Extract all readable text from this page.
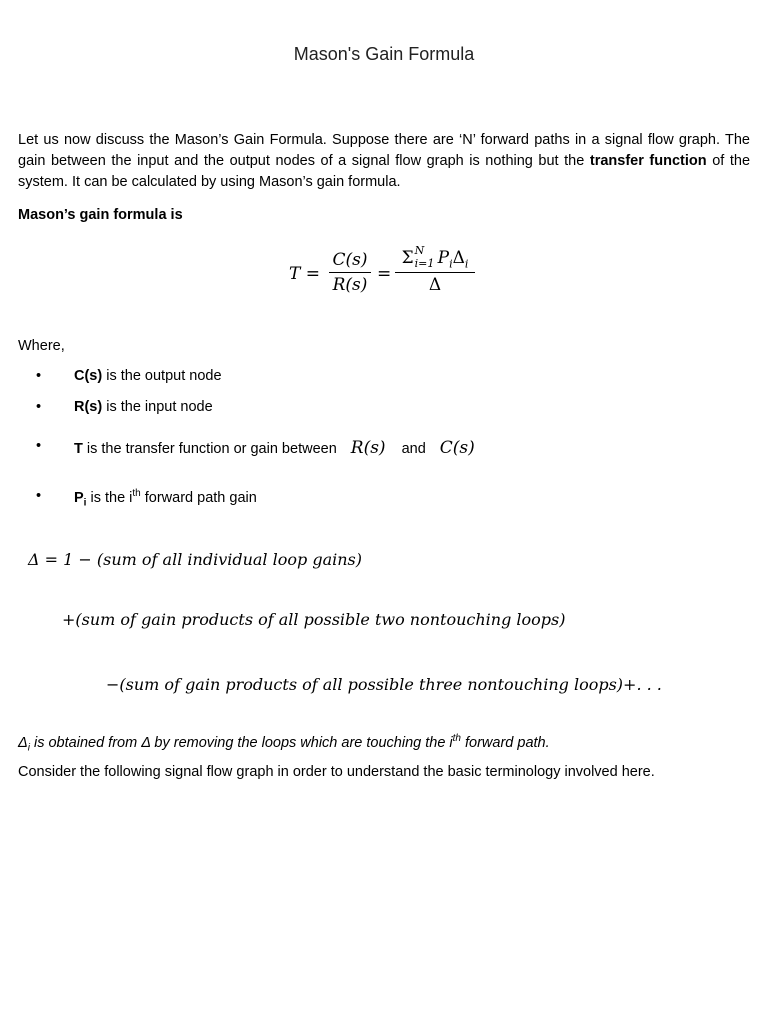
Mason's Gain Formula
Let us now discuss the Mason’s Gain Formula. Suppose there are ‘N’ forward paths in a signal flow graph. The gain between the input and the output nodes of a signal flow graph is nothing but the transfer function of the system. It can be calculated by using Mason’s gain formula.
Mason’s gain formula is
T =
C(s)
R(s)
=
Σ N
i=1 $P_i\Delta_i$
Δ
Where,
• C(s) is the output node
• R(s) is the input node
• T is the transfer function or gain between R(s) and C(s)
• $P_i$ is the $i^{th}$ forward path gain
Δ = 1 − (sum of all individual loop gains)
+(sum of gain products of all possible two nontouching loops)
−(sum of gain products of all possible three nontouching loops)+. . .
$\Delta_i$ is obtained from Δ by removing the loops which are touching the $i^{th}$ forward path.
Consider the following signal flow graph in order to understand the basic terminology involved here.
